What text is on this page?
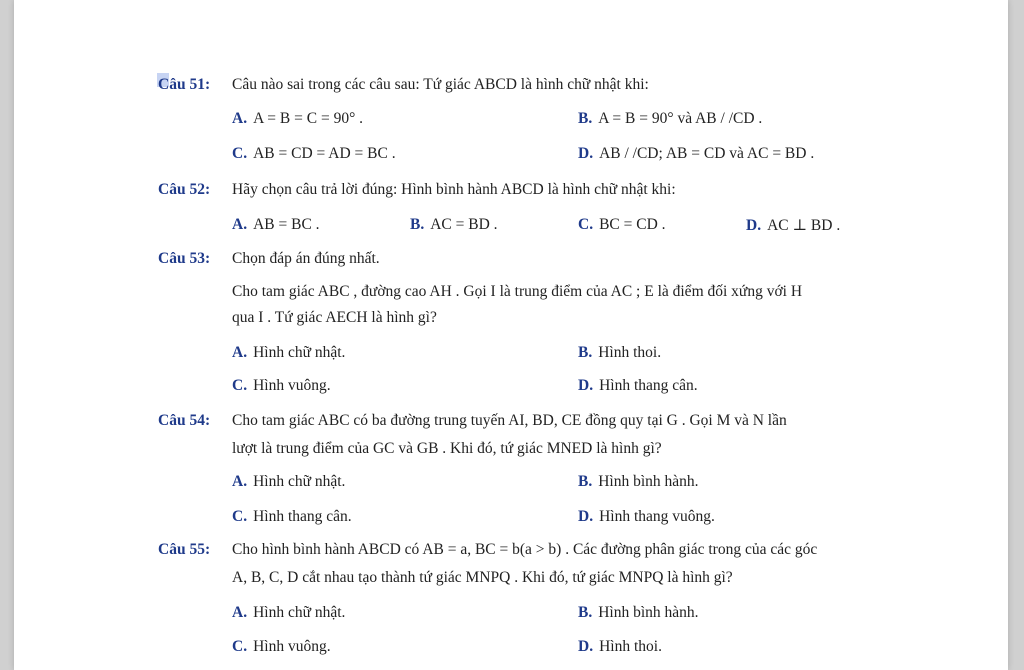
Câu 51: Câu nào sai trong các câu sau: Tứ giác ABCD là hình chữ nhật khi:
A. A = B = C = 90° .	B. A = B = 90° và AB / /CD .
C. AB = CD = AD = BC .	D. AB / /CD; AB = CD và AC = BD .
Câu 52: Hãy chọn câu trả lời đúng: Hình bình hành ABCD là hình chữ nhật khi:
A. AB = BC .	B. AC = BD .	C. BC = CD .	D. AC ⊥ BD .
Câu 53: Chọn đáp án đúng nhất.
Cho tam giác ABC , đường cao AH . Gọi I là trung điểm của AC ; E là điểm đối xứng với H
qua I . Tứ giác AECH là hình gì?
A. Hình chữ nhật.	B. Hình thoi.
C. Hình vuông.	D. Hình thang cân.
Câu 54: Cho tam giác ABC có ba đường trung tuyến AI, BD, CE đồng quy tại G . Gọi M và N lần
lượt là trung điểm của GC và GB . Khi đó, tứ giác MNED là hình gì?
A. Hình chữ nhật.	B. Hình bình hành.
C. Hình thang cân.	D. Hình thang vuông.
Câu 55: Cho hình bình hành ABCD có AB = a, BC = b(a > b) . Các đường phân giác trong của các góc
A, B, C, D cắt nhau tạo thành tứ giác MNPQ . Khi đó, tứ giác MNPQ là hình gì?
A. Hình chữ nhật.	B. Hình bình hành.
C. Hình vuông.	D. Hình thoi.
